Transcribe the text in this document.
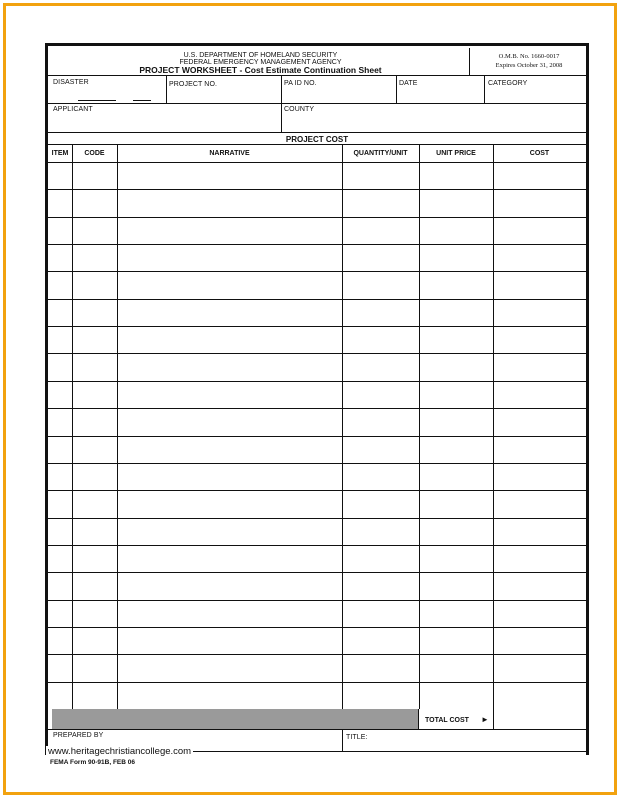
U.S. DEPARTMENT OF HOMELAND SECURITY
FEDERAL EMERGENCY MANAGEMENT AGENCY
PROJECT WORKSHEET - Cost Estimate Continuation Sheet
O.M.B. No. 1660-0017
Expires October 31, 2008
DISASTER	PROJECT NO.	PA ID NO.	DATE	CATEGORY
APPLICANT	COUNTY
PROJECT COST
ITEM	CODE	NARRATIVE	QUANTITY/UNIT	UNIT PRICE	COST
TOTAL COST ►
PREPARED BY	TITLE:
www.heritagechristiancollege.com
FEMA Form 90-91B, FEB 06
